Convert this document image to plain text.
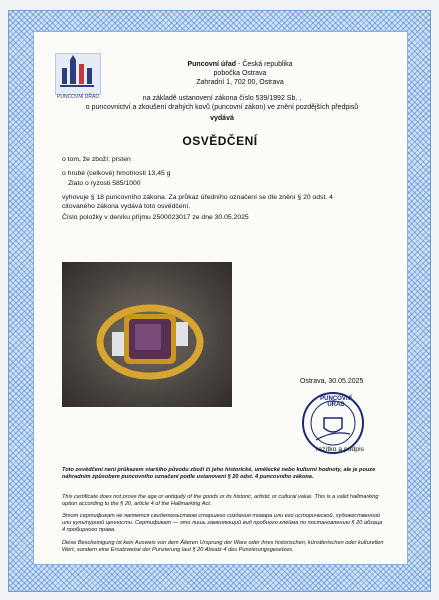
PUNCOVNÍ ÚŘAD
Puncovní úřad - Česká republika
pobočka Ostrava
Zahradní 1, 702 00, Ostrava
na základě ustanovení zákona číslo 539/1992 Sb. ,
o puncovnictví a zkoušení drahých kovů (puncovní zákon) ve znění pozdějších předpisů
vydává
OSVĚDČENÍ
o tom, že zboží: prsten
o hrubé (celkové) hmotnosti 13,45 g
Zlato o ryzosti 585/1000
vyhovuje § 18 puncovního zákona. Za průkaz úředního označení se dle znění § 20 odst. 4
citovaného zákona vydává toto osvědčení.
Číslo položky v deníku příjmu 2500023017 ze dne 30.05.2025
Ostrava, 30.05.2025
PUNCOVNÍ ÚŘAD
razítko a podpis
Toto osvědčení není průkazem staršího původu zboží či jeho historické, umělecké nebo kulturní hodnoty, ale je pouze náhradním způsobem puncovního označení podle ustanovení § 20 odst. 4 puncovního zákona.
This certificate does not prove the age or antiquity of the goods or its historic, artistic or cultural value. This is a valid hallmarking option according to the § 20, article 4 of the Hallmarking Act.
Этот сертификат не является свидетельством старшего создания товара или его исторической, художественной или культурной ценности. Сертификат — это лишь заменяющий вид пробного клейма по постановлению § 20 абзаца 4 пробирного права.
Diese Bescheinigung ist kein Ausweis von dem Älteren Ursprung der Ware oder ihres historischen, künstlerischen oder kulturellen Wert, sondern eine Ersatzweise der Punzierung laut § 20 Absatz 4 des Punzierungsgesetzes.
